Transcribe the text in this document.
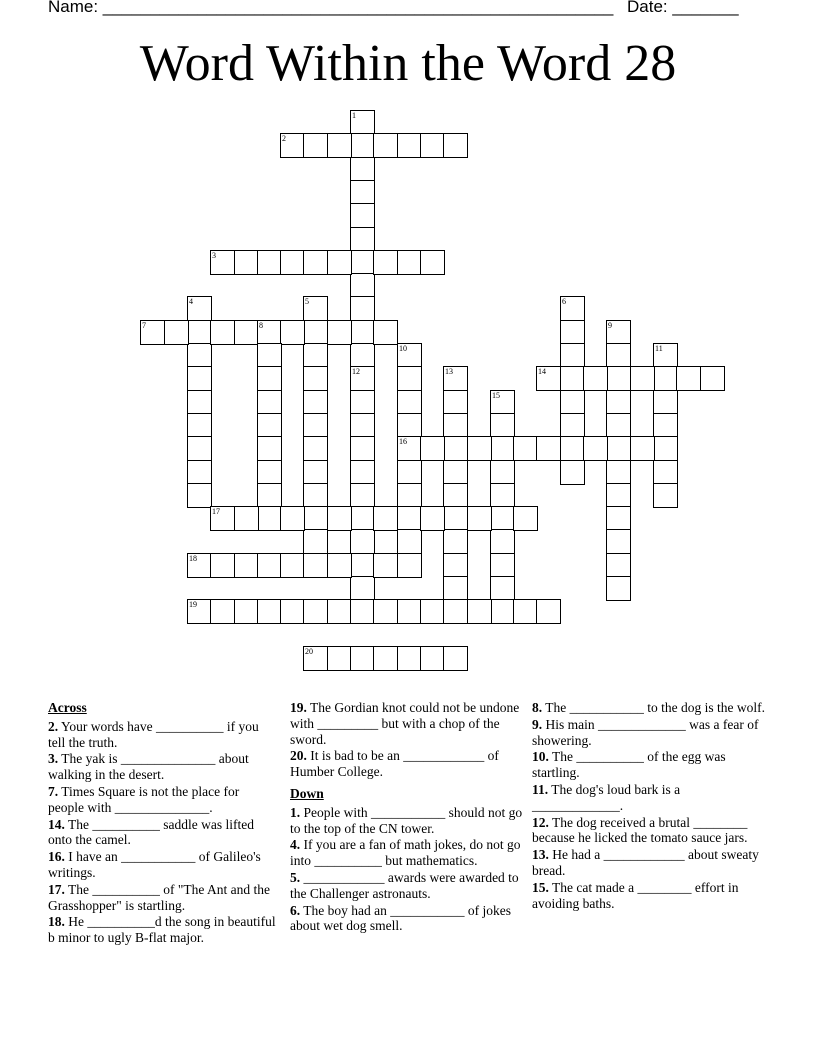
Name: ______________________________________________________ Date: _______
Word Within the Word 28
1
2
3
4	5	6
7	8	9
10
16
11
12	13	14
15
17
18
19
20
Across
2. Your words have __________ if you tell the truth.
3. The yak is ______________ about walking in the desert.
7. Times Square is not the place for people with ______________.
14. The __________ saddle was lifted onto the camel.
16. I have an ___________ of Galileo's writings.
17. The __________ of "The Ant and the Grasshopper" is startling.
18. He __________d the song in beautiful b minor to ugly B-flat major.
19. The Gordian knot could not be undone with _________ but with a chop of the sword.
20. It is bad to be an ____________ of Humber College.
Down
1. People with ___________ should not go to the top of the CN tower.
4. If you are a fan of math jokes, do not go into __________ but mathematics.
5. ____________ awards were awarded to the Challenger astronauts.
6. The boy had an ___________ of jokes about wet dog smell.
8. The ___________ to the dog is the wolf.
9. His main _____________ was a fear of showering.
10. The __________ of the egg was startling.
11. The dog's loud bark is a _____________.
12. The dog received a brutal ________ because he licked the tomato sauce jars.
13. He had a ____________ about sweaty bread.
15. The cat made a ________ effort in avoiding baths.
